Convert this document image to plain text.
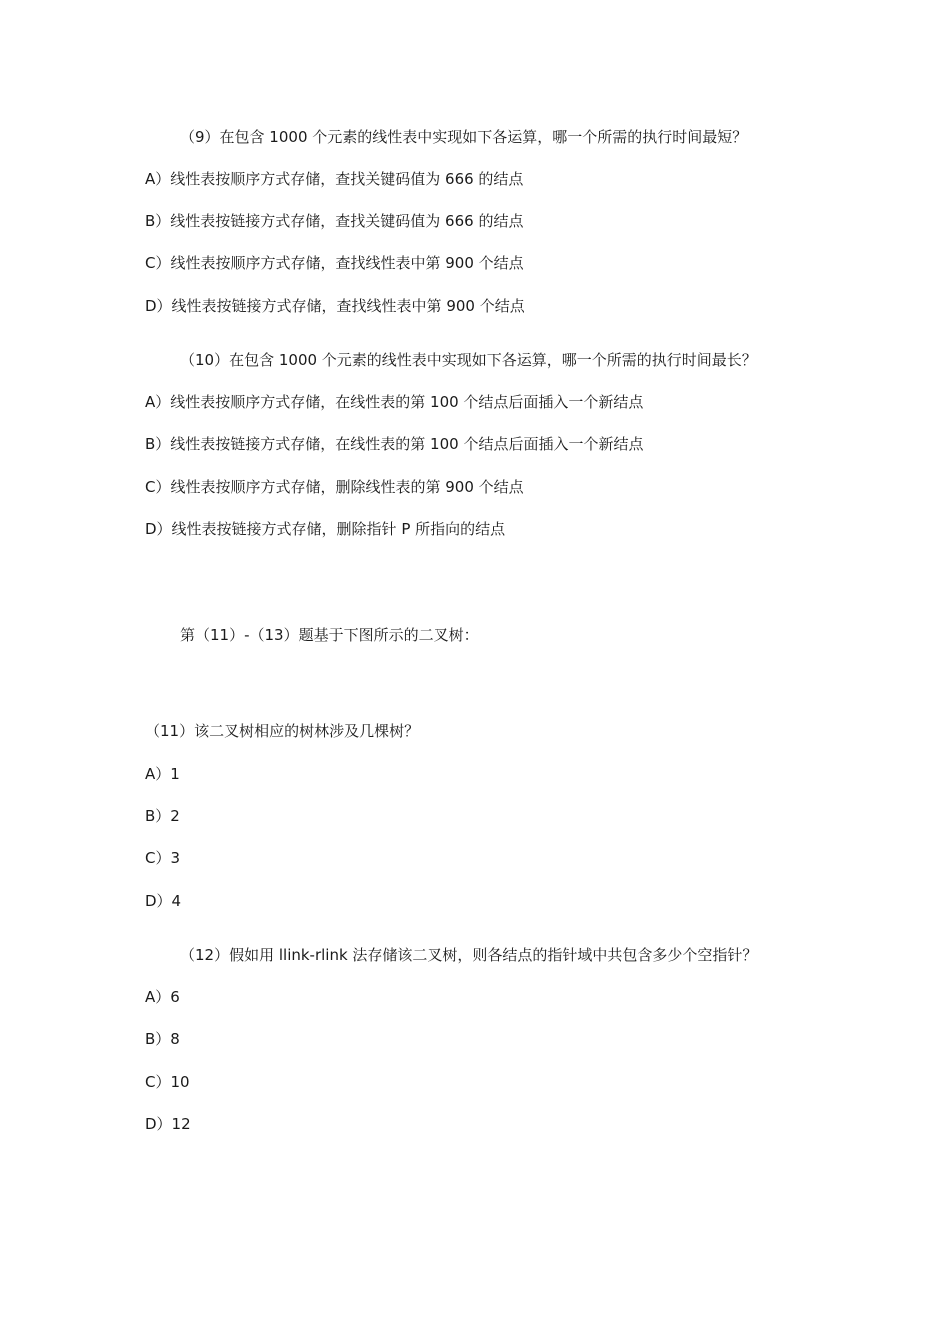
（9）在包含 1000 个元素的线性表中实现如下各运算，哪一个所需的执行时间最短？
A）线性表按顺序方式存储，查找关键码值为 666 的结点
B）线性表按链接方式存储，查找关键码值为 666 的结点
C）线性表按顺序方式存储，查找线性表中第 900 个结点
D）线性表按链接方式存储，查找线性表中第 900 个结点
（10）在包含 1000 个元素的线性表中实现如下各运算，哪一个所需的执行时间最长？
A）线性表按顺序方式存储，在线性表的第 100 个结点后面插入一个新结点
B）线性表按链接方式存储，在线性表的第 100 个结点后面插入一个新结点
C）线性表按顺序方式存储，删除线性表的第 900 个结点
D）线性表按链接方式存储，删除指针 P 所指向的结点
第（11）-（13）题基于下图所示的二叉树：
（11）该二叉树相应的树林涉及几棵树？
A）1
B）2
C）3
D）4
（12）假如用 llink-rlink 法存储该二叉树，则各结点的指针域中共包含多少个空指针？
A）6
B）8
C）10
D）12
